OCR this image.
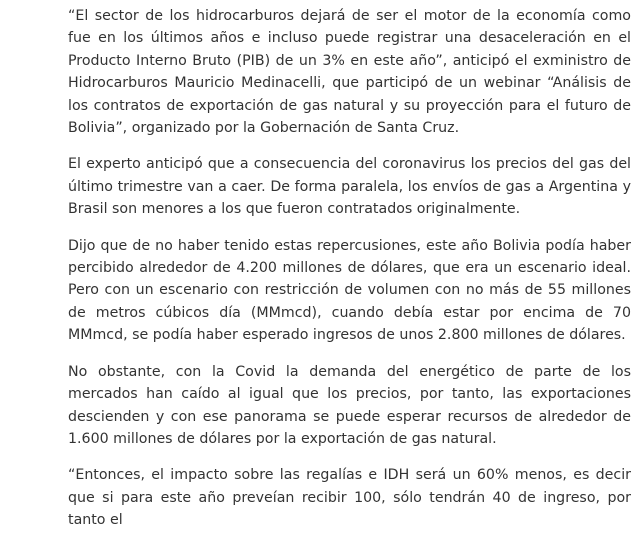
“El sector de los hidrocarburos dejará de ser el motor de la economía como fue en los últimos años e incluso puede registrar una desaceleración en el Producto Interno Bruto (PIB) de un 3% en este año”, anticipó el exministro de Hidrocarburos Mauricio Medinacelli, que participó de un webinar “Análisis de los contratos de exportación de gas natural y su proyección para el futuro de Bolivia”, organizado por la Gobernación de Santa Cruz.

El experto anticipó que a consecuencia del coronavirus los precios del gas del último trimestre van a caer. De forma paralela, los envíos de gas a Argentina y Brasil son menores a los que fueron contratados originalmente.

Dijo que de no haber tenido estas repercusiones, este año Bolivia podía haber percibido alrededor de 4.200 millones de dólares, que era un escenario ideal. Pero con un escenario con restricción de volumen con no más de 55 millones de metros cúbicos día (MMmcd), cuando debía estar por encima de 70 MMmcd, se podía haber esperado ingresos de unos 2.800 millones de dólares.

No obstante, con la Covid la demanda del energético de parte de los mercados han caído al igual que los precios, por tanto, las exportaciones descienden y con ese panorama se puede esperar recursos de alrededor de 1.600 millones de dólares por la exportación de gas natural.

“Entonces, el impacto sobre las regalías e IDH será un 60% menos, es decir que si para este año preveían recibir 100, sólo tendrán 40 de ingreso, por tanto el
